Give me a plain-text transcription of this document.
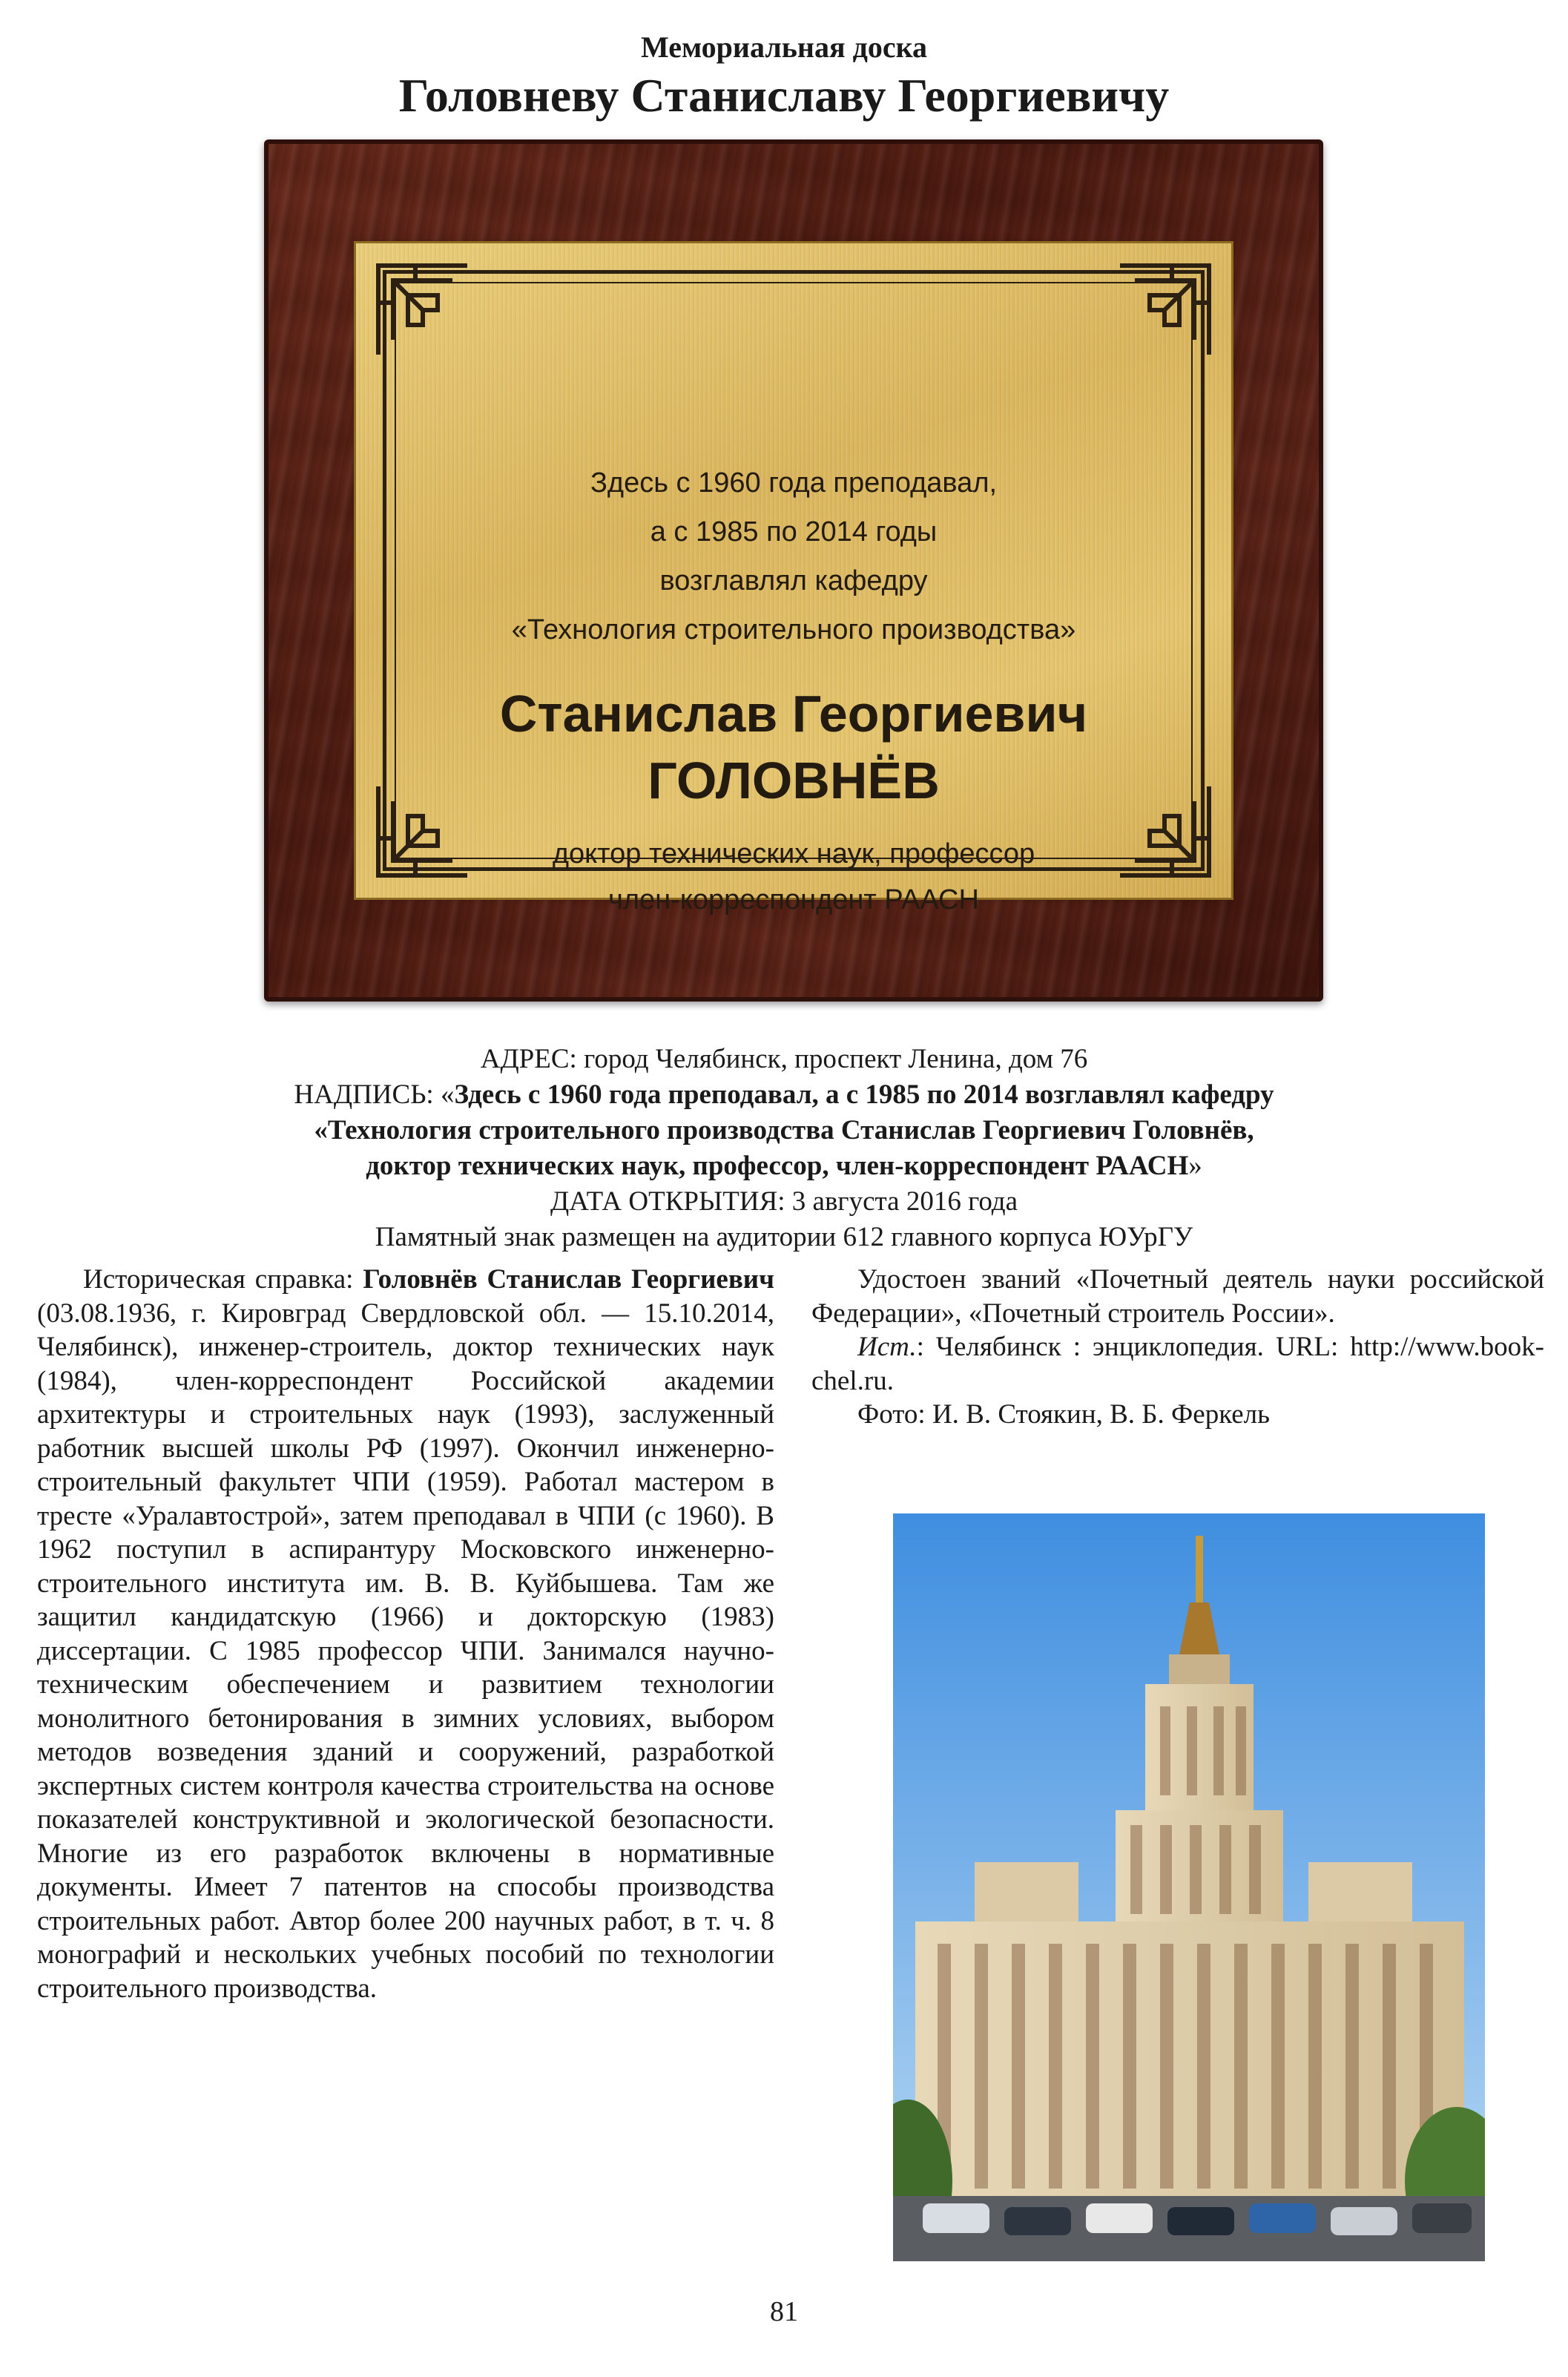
Мемориальная доска
Головневу Станиславу Георгиевичу
Здесь с 1960 года преподавал,
а с 1985 по 2014 годы
возглавлял кафедру
«Технология строительного производства»
Станислав Георгиевич
ГОЛОВНЁВ
доктор технических наук, профессор
член-корреспондент РААСН
АДРЕС: город Челябинск, проспект Ленина, дом 76
НАДПИСЬ: «Здесь с 1960 года преподавал, а с 1985 по 2014 возглавлял кафедру
«Технология строительного производства Станислав Георгиевич Головнёв,
доктор технических наук, профессор, член-корреспондент РААСН»
ДАТА ОТКРЫТИЯ: 3 августа 2016 года
Памятный знак размещен на аудитории 612 главного корпуса ЮУрГУ

Историческая справка: Головнёв Станислав Георгиевич (03.08.1936, г. Кировград Свердловской обл. — 15.10.2014, Челябинск), инженер-строитель, доктор технических наук (1984), член-корреспондент Российской академии архитектуры и строительных наук (1993), заслуженный работник высшей школы РФ (1997). Окончил инженерно-строительный факультет ЧПИ (1959). Работал мастером в тресте «Уралавтострой», затем преподавал в ЧПИ (с 1960). В 1962 поступил в аспирантуру Московского инженерно-строительного института им. В. В. Куйбышева. Там же защитил кандидатскую (1966) и докторскую (1983) диссертации. С 1985 профессор ЧПИ. Занимался научно-техническим обеспечением и развитием технологии монолитного бетонирования в зимних условиях, выбором методов возведения зданий и сооружений, разработкой экспертных систем контроля качества строительства на основе показателей конструктивной и экологической безопасности. Многие из его разработок включены в нормативные документы. Имеет 7 патентов на способы производства строительных работ. Автор более 200 научных работ, в т. ч. 8 монографий и нескольких учебных пособий по технологии строительного производства.

Удостоен званий «Почетный деятель науки российской Федерации», «Почетный строитель России».

Ист.: Челябинск : энциклопедия. URL: http://www.book-chel.ru.

Фото: И. В. Стоякин, В. Б. Феркель

81
